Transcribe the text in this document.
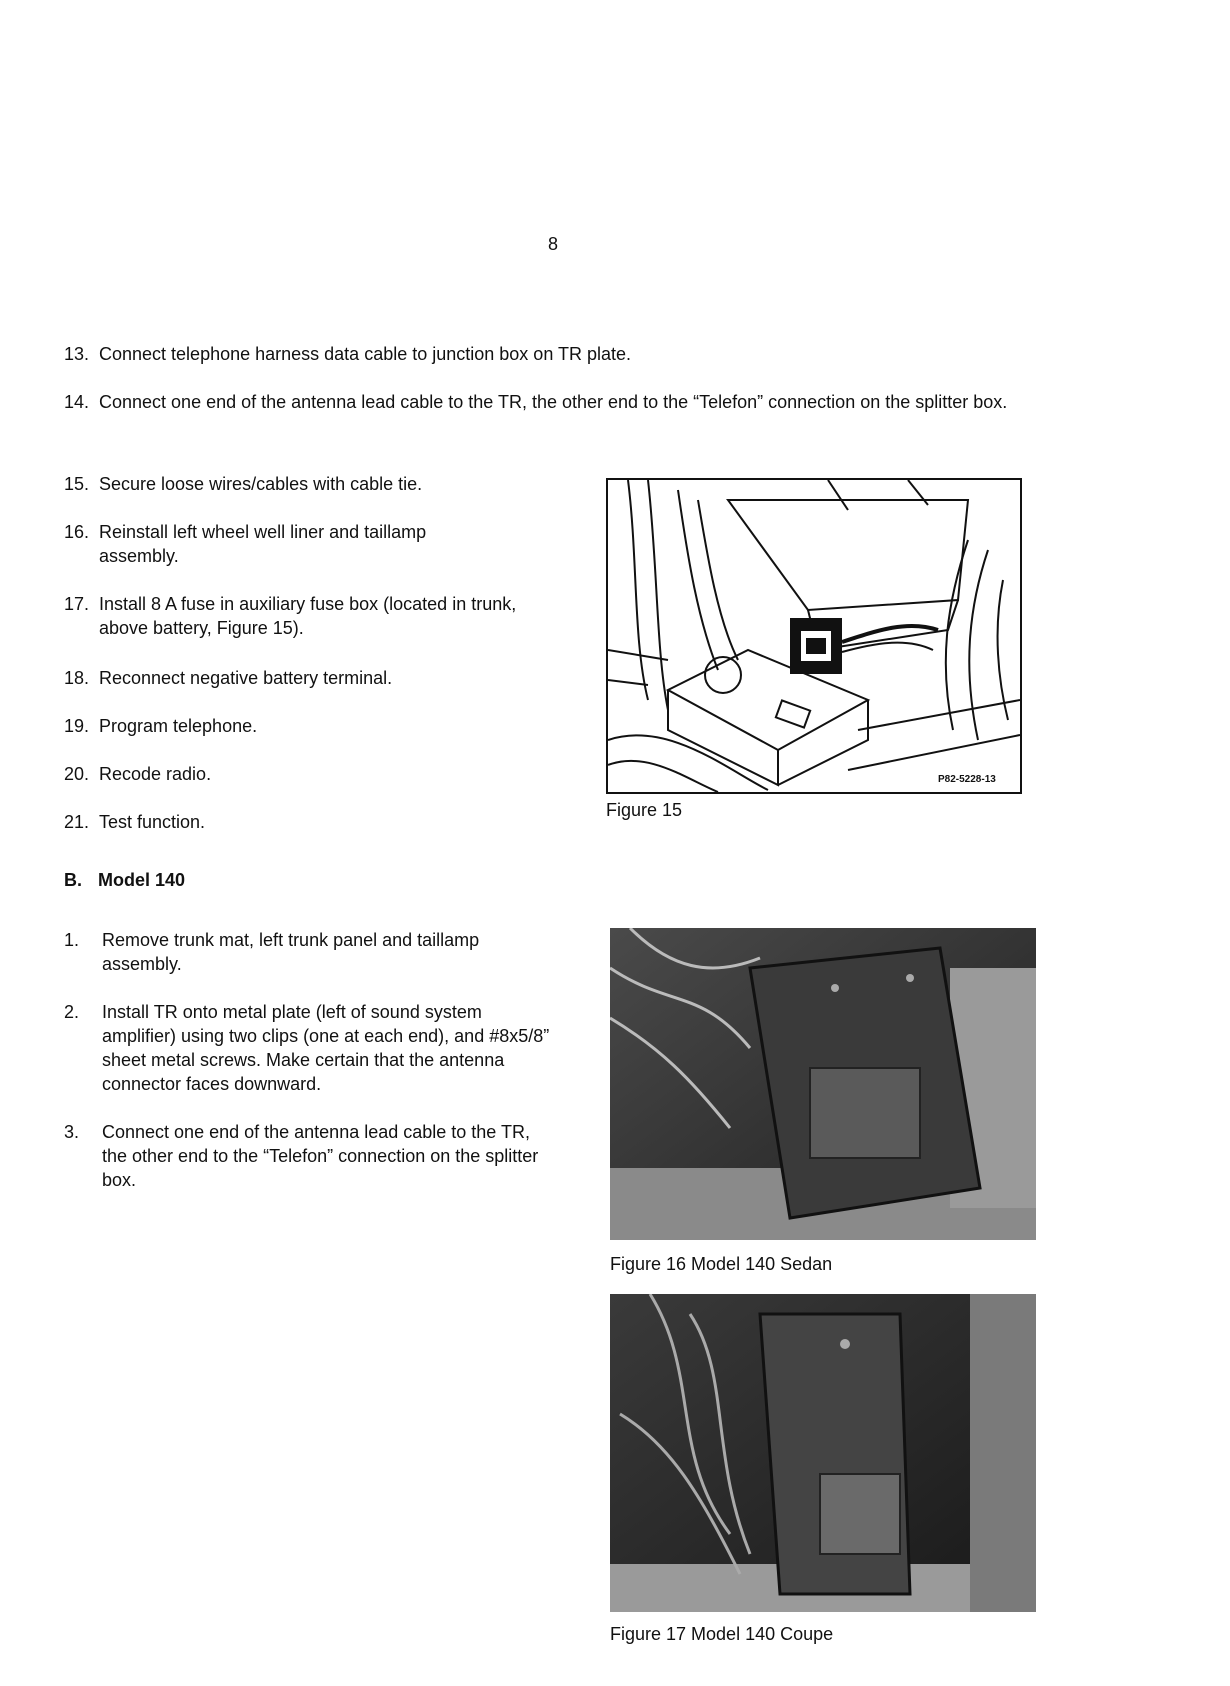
8
13. Connect telephone harness data cable to junction box on TR plate.
14. Connect one end of the antenna lead cable to the TR, the other end to the “Telefon” connection on the splitter box.
15. Secure loose wires/cables with cable tie.
16. Reinstall left wheel well liner and taillamp assembly.
17. Install 8 A fuse in auxiliary fuse box (located in trunk, above battery, Figure 15).
18. Reconnect negative battery terminal.
19. Program telephone.
20. Recode radio.
21. Test function.
B. Model 140
1. Remove trunk mat, left trunk panel and taillamp assembly.
2. Install TR onto metal plate (left of sound system amplifier) using two clips (one at each end), and #8x5/8” sheet metal screws. Make certain that the antenna connector faces downward.
3. Connect one end of the antenna lead cable to the TR, the other end to the “Telefon” connection on the splitter box.
P82-5228-13
Figure 15
Figure 16 Model 140 Sedan
Figure 17 Model 140 Coupe
